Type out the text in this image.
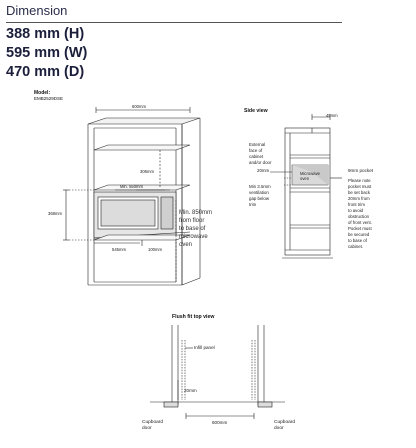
Dimension
388 mm (H)
595 mm (W)
470 mm (D)
Model:
EMB2529DSE
600mm
306mm
Min. 550mm
368mm
545mm	100mm
Min. 850mm from floor to base of microwave oven
Side view
45mm
External face of cabinet and/or door
20mm
Microwave oven
Min 3.5mm ventilation gap below trim
9mm pocket
Please note pocket must be set back 20mm from front trim to avoid obstruction of front vent. Pocket must be secured to base of cabinet.
Flush fit top view
Infill panel
20mm
600mm
Cupboard door
Cupboard door
